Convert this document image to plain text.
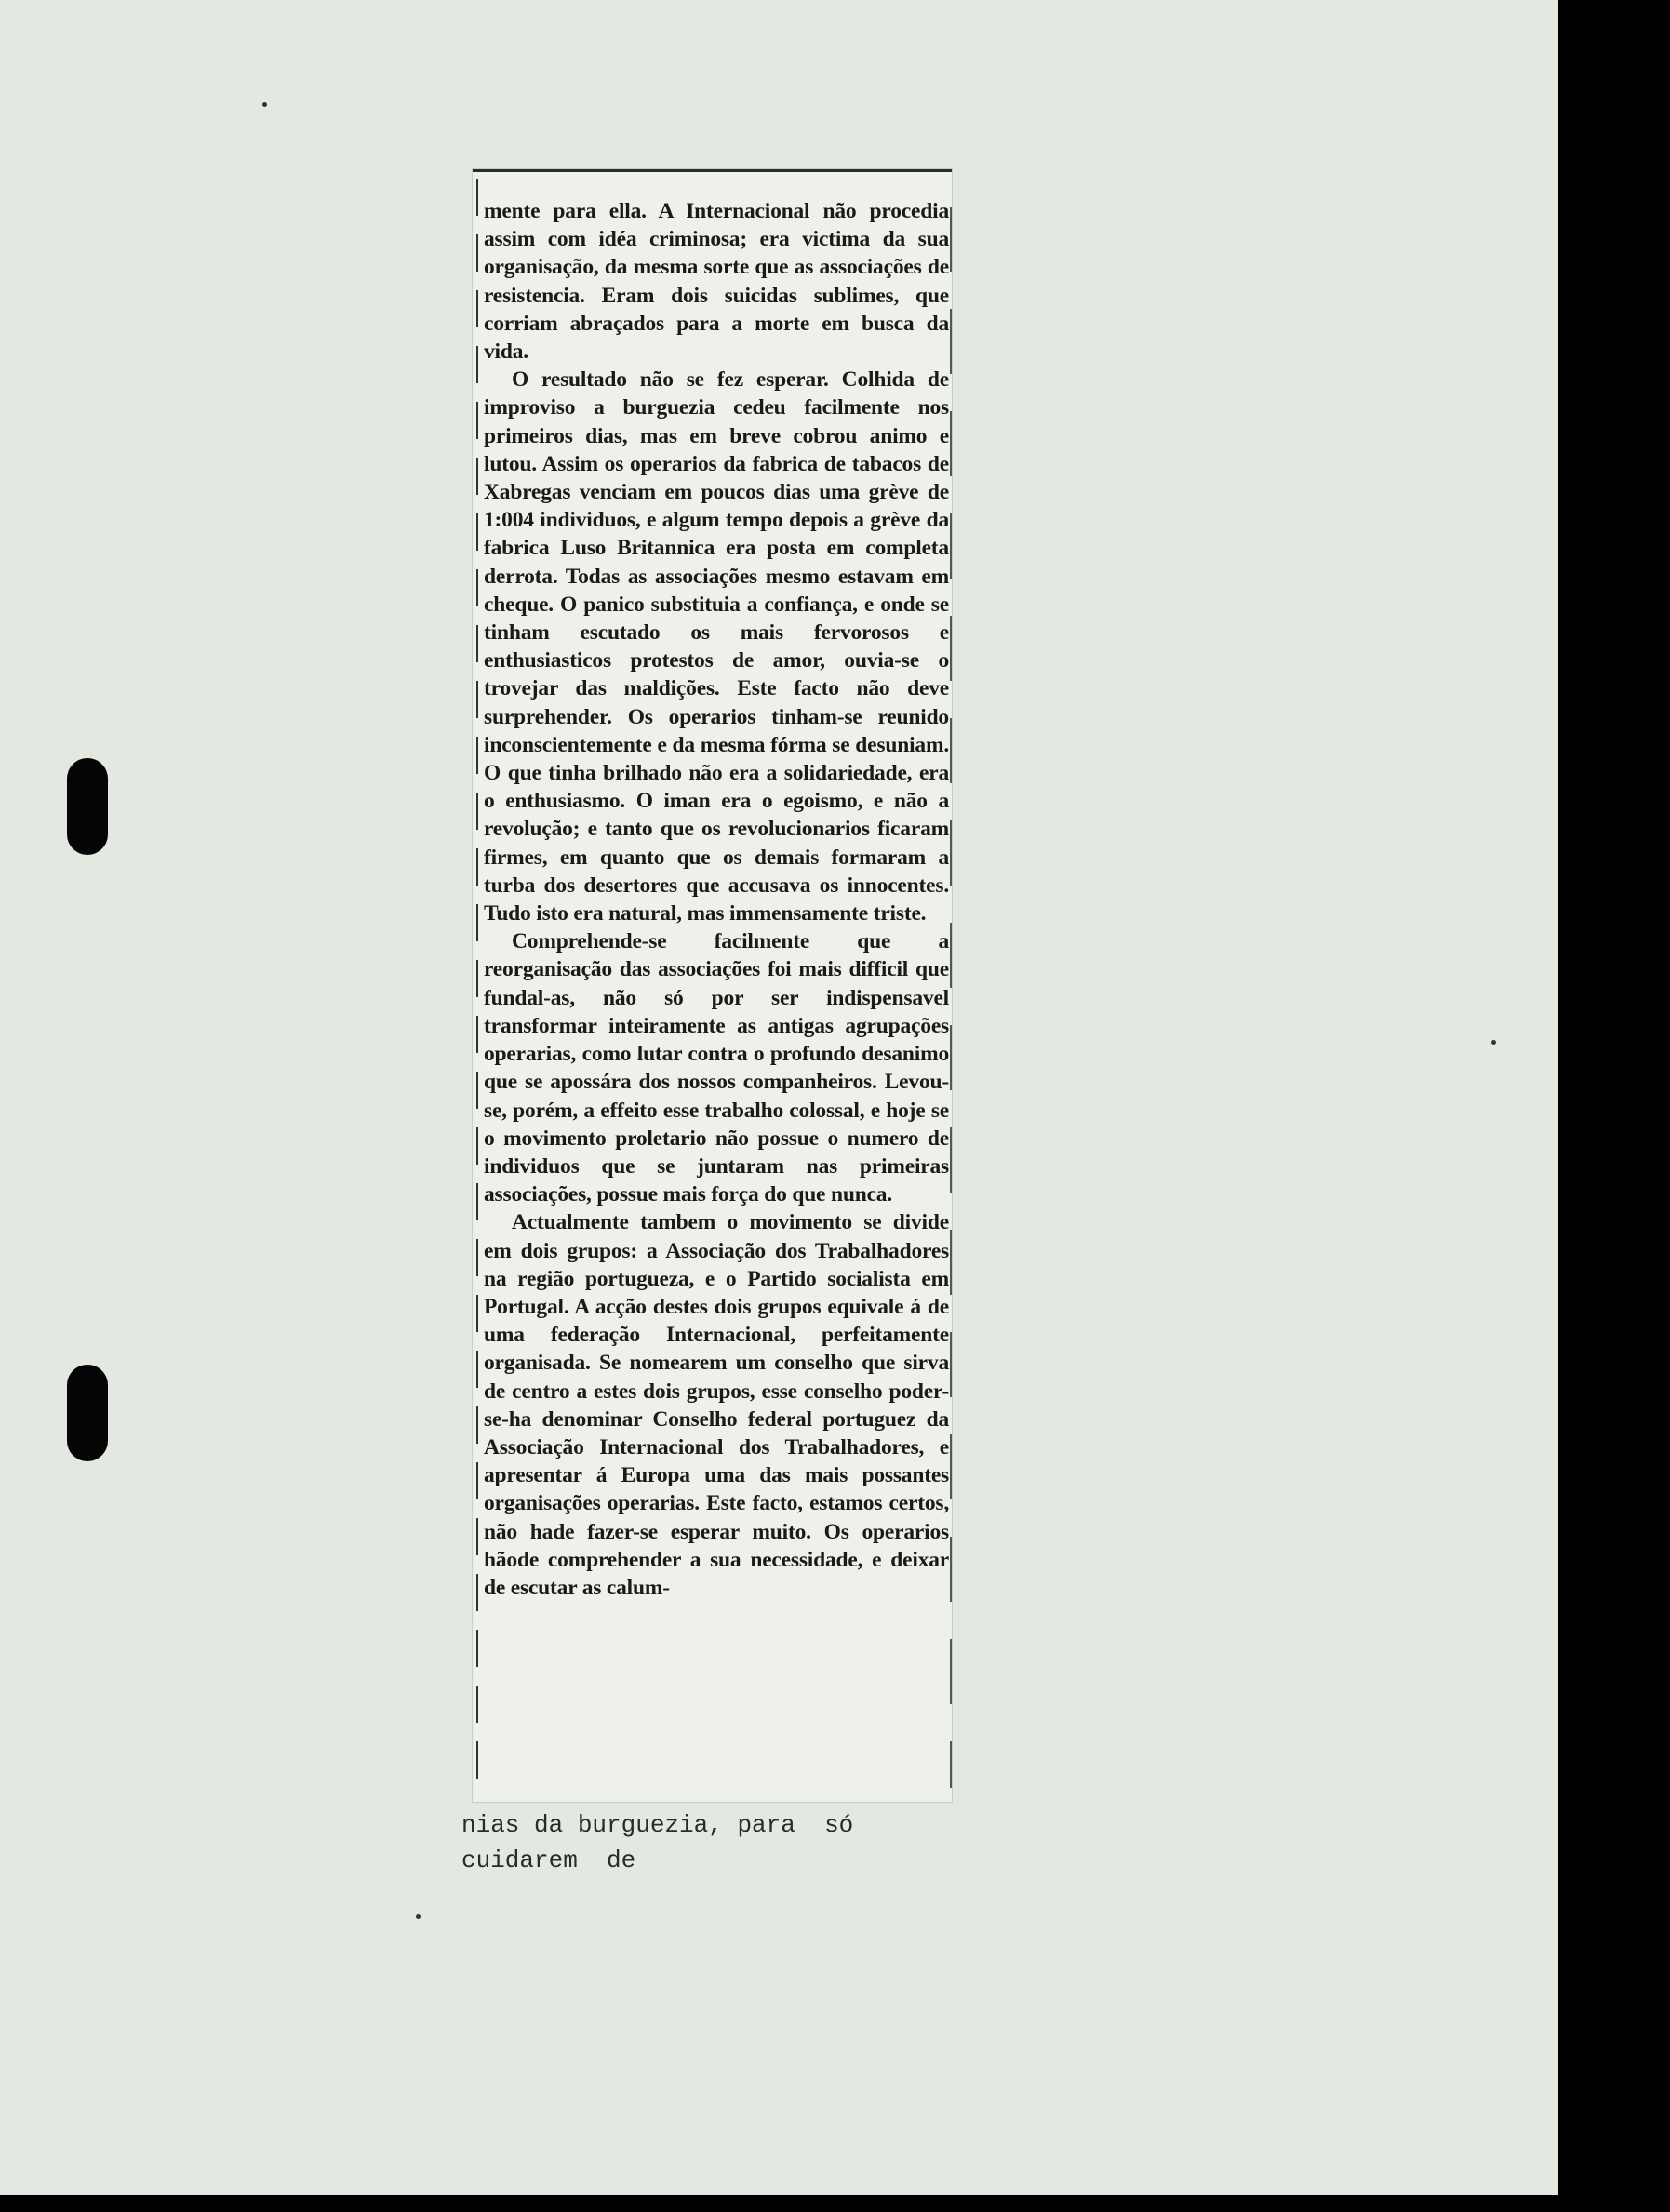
mente para ella. A Internacional não procedia assim com idéa criminosa; era victima da sua organisação, da mesma sorte que as associações de resistencia. Eram dois suicidas sublimes, que corriam abraçados para a morte em busca da vida.

O resultado não se fez esperar. Colhida de improviso a burguezia cedeu facilmente nos primeiros dias, mas em breve cobrou animo e lutou. Assim os operarios da fabrica de tabacos de Xabregas venciam em poucos dias uma grève de 1:004 individuos, e algum tempo depois a grève da fabrica Luso Britannica era posta em completa derrota. Todas as associações mesmo estavam em cheque. O panico substituia a confiança, e onde se tinham escutado os mais fervorosos e enthusiasticos protestos de amor, ouvia-se o trovejar das maldições. Este facto não deve surprehender. Os operarios tinham-se reunido inconscientemente e da mesma fórma se desuniam. O que tinha brilhado não era a solidariedade, era o enthusiasmo. O iman era o egoismo, e não a revolução; e tanto que os revolucionarios ficaram firmes, em quanto que os demais formaram a turba dos desertores que accusava os innocentes. Tudo isto era natural, mas immensamente triste.

Comprehende-se facilmente que a reorganisação das associações foi mais difficil que fundal-as, não só por ser indispensavel transformar inteiramente as antigas agrupações operarias, como lutar contra o profundo desanimo que se apossára dos nossos companheiros. Levou-se, porém, a effeito esse trabalho colossal, e hoje se o movimento proletario não possue o numero de individuos que se juntaram nas primeiras associações, possue mais força do que nunca.

Actualmente tambem o movimento se divide em dois grupos: a Associação dos Trabalhadores na região portugueza, e o Partido socialista em Portugal. A acção destes dois grupos equivale á de uma federação Internacional, perfeitamente organisada. Se nomearem um conselho que sirva de centro a estes dois grupos, esse conselho poder-se-ha denominar Conselho federal portuguez da Associação Internacional dos Trabalhadores, e apresentar á Europa uma das mais possantes organisações operarias. Este facto, estamos certos, não hade fazer-se esperar muito. Os operarios hãode comprehender a sua necessidade, e deixar de escutar as calum-

nias da burguezia, para  só
cuidarem  de
